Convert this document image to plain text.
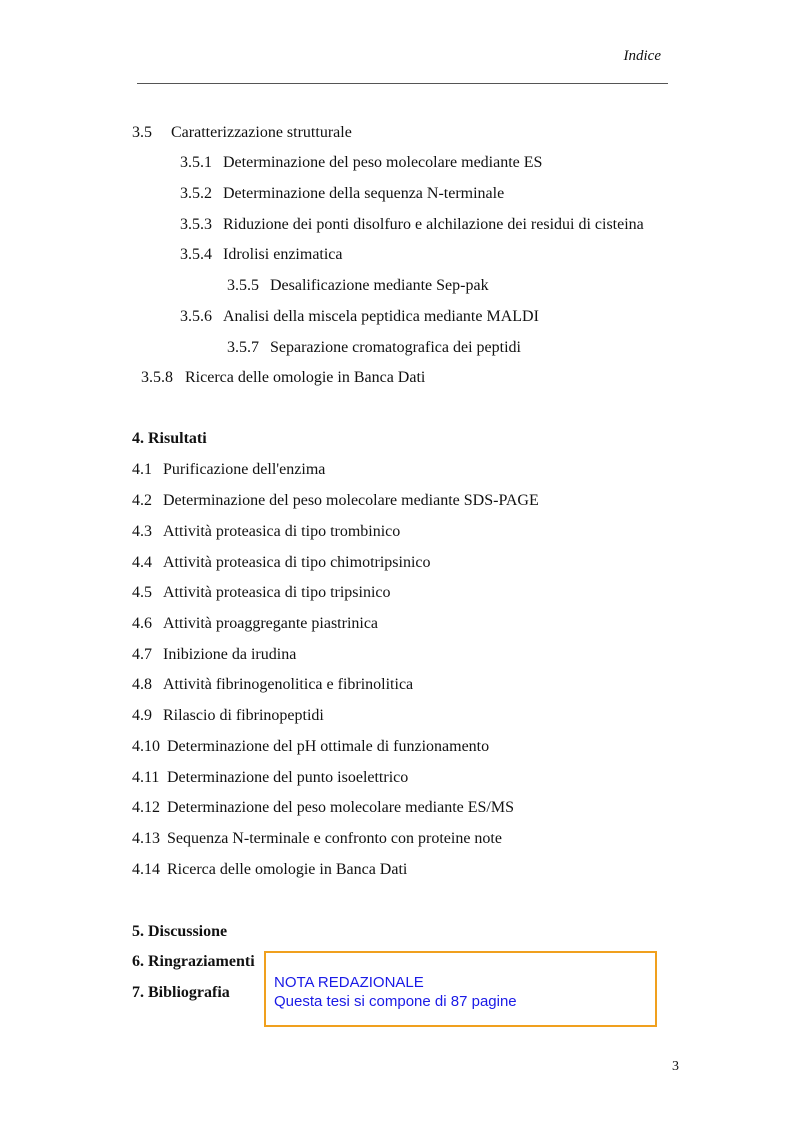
Indice
3.5 Caratterizzazione strutturale
3.5.1 Determinazione del peso molecolare mediante ES
3.5.2 Determinazione della sequenza N-terminale
3.5.3 Riduzione dei ponti disolfuro e alchilazione dei residui di cisteina
3.5.4 Idrolisi enzimatica
3.5.5 Desalificazione mediante Sep-pak
3.5.6 Analisi della miscela peptidica mediante MALDI
3.5.7 Separazione cromatografica dei peptidi
3.5.8 Ricerca delle omologie in Banca Dati
4. Risultati
4.1 Purificazione dell'enzima
4.2 Determinazione del peso molecolare mediante SDS-PAGE
4.3 Attività proteasica di tipo trombinico
4.4 Attività proteasica di tipo chimotripsinico
4.5 Attività proteasica di tipo tripsinico
4.6 Attività proaggregante piastrinica
4.7 Inibizione da irudina
4.8 Attività fibrinogenolitica e fibrinolitica
4.9 Rilascio di fibrinopeptidi
4.10 Determinazione del pH ottimale di funzionamento
4.11 Determinazione del punto isoelettrico
4.12 Determinazione del peso molecolare mediante ES/MS
4.13 Sequenza N-terminale e confronto con proteine note
4.14 Ricerca delle omologie in Banca Dati
5. Discussione
6. Ringraziamenti
7. Bibliografia
NOTA REDAZIONALE
Questa tesi si compone di 87 pagine
3
